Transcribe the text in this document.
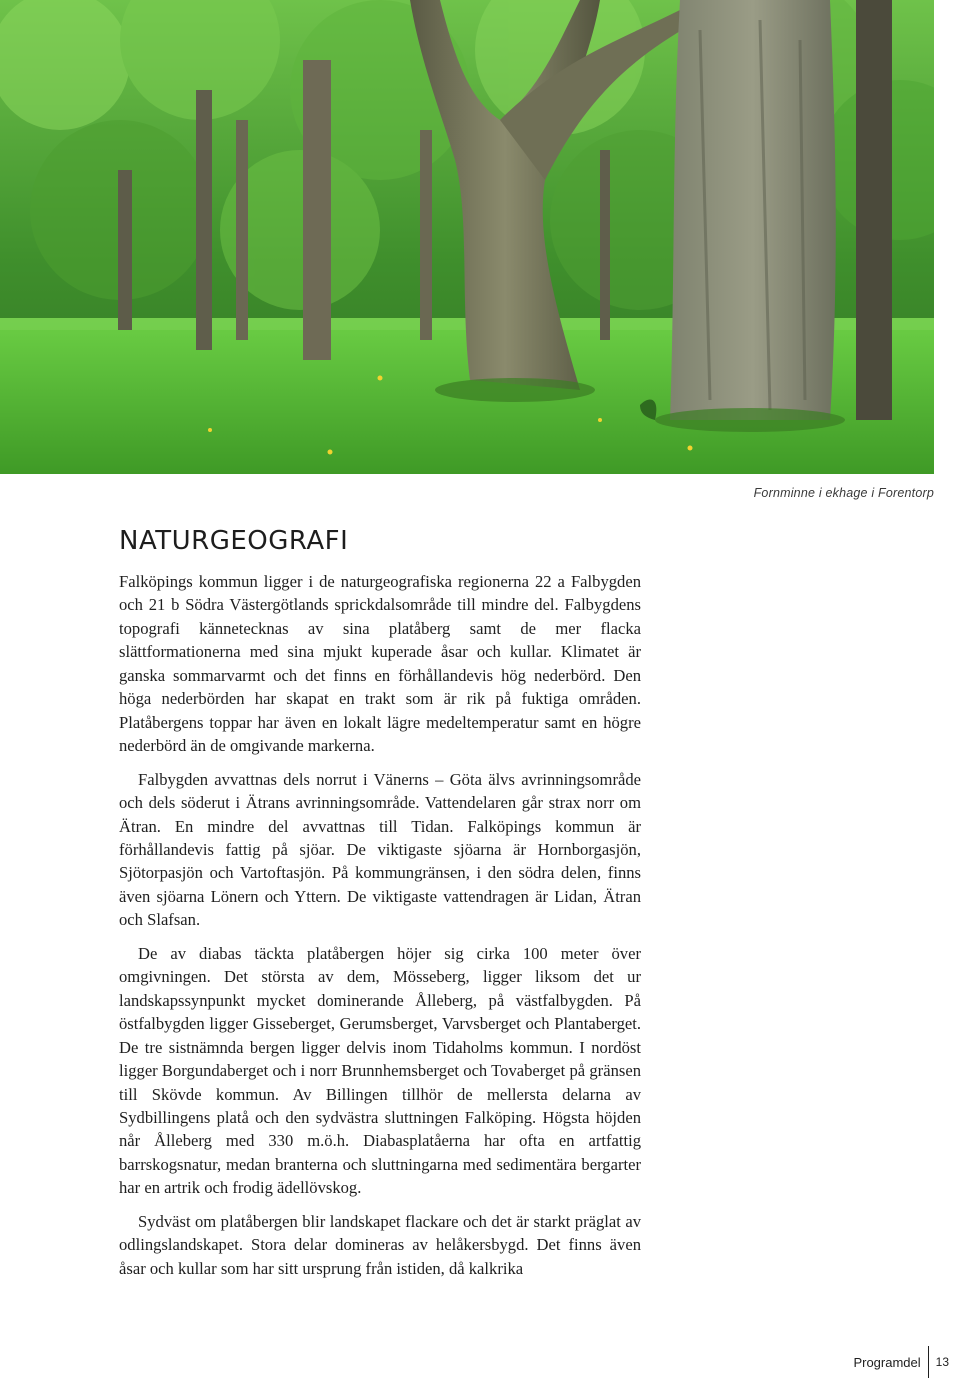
Fornminne i ekhage i Forentorp
NATURGEOGRAFI

Falköpings kommun ligger i de naturgeografiska regionerna 22 a Falbygden och 21 b Södra Västergötlands sprickdalsområde till mindre del. Falbygdens topografi kännetecknas av sina platåberg samt de mer flacka slättformationerna med sina mjukt kuperade åsar och kullar. Klimatet är ganska sommarvarmt och det finns en förhållandevis hög nederbörd. Den höga nederbörden har skapat en trakt som är rik på fuktiga områden. Platåbergens toppar har även en lokalt lägre medeltemperatur samt en högre nederbörd än de omgivande markerna.

Falbygden avvattnas dels norrut i Vänerns – Göta älvs avrinningsområde och dels söderut i Ätrans avrinningsområde. Vattendelaren går strax norr om Ätran. En mindre del avvattnas till Tidan. Falköpings kommun är förhållandevis fattig på sjöar. De viktigaste sjöarna är Hornborgasjön, Sjötorpasjön och Vartoftasjön. På kommungränsen, i den södra delen, finns även sjöarna Lönern och Yttern. De viktigaste vattendragen är Lidan, Ätran och Slafsan.

De av diabas täckta platåbergen höjer sig cirka 100 meter över omgivningen. Det största av dem, Mösseberg, ligger liksom det ur landskapssynpunkt mycket dominerande Ålleberg, på västfalbygden. På östfalbygden ligger Gisseberget, Gerumsberget, Varvsberget och Plantaberget. De tre sistnämnda bergen ligger delvis inom Tidaholms kommun. I nordöst ligger Borgundaberget och i norr Brunnhemsberget och Tovaberget på gränsen till Skövde kommun. Av Billingen tillhör de mellersta delarna av Sydbillingens platå och den sydvästra sluttningen Falköping. Högsta höjden når Ålleberg med 330 m.ö.h. Diabasplatåerna har ofta en artfattig barrskogsnatur, medan branterna och sluttningarna med sedimentära bergarter har en artrik och frodig ädellövskog.

Sydväst om platåbergen blir landskapet flackare och det är starkt präglat av odlingslandskapet. Stora delar domineras av helåkersbygd. Det finns även åsar och kullar som har sitt ursprung från istiden, då kalkrika

Programdel	13
